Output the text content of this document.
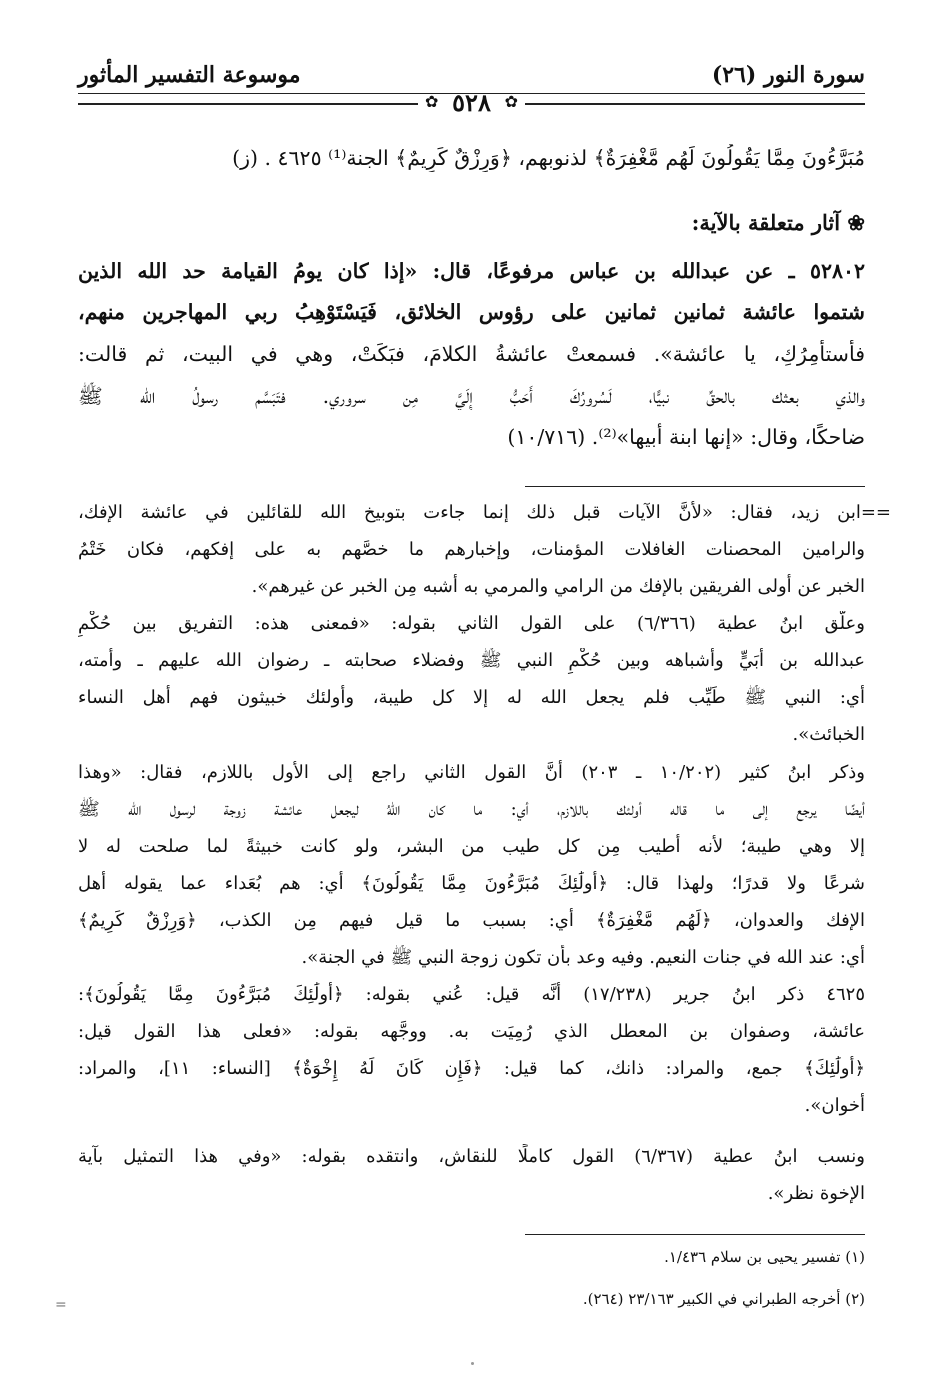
سورة النور (٢٦)
موسوعة التفسير المأثور
✿
✿ ٥٢٨
مُبَرَّءُونَ مِمَّا يَقُولُونَ لَهُم مَّغْفِرَةٌ﴾ لذنوبهم، ﴿وَرِزْقٌ كَرِيمٌ﴾ الجنة⁽¹⁾ ٤٦٢٥ . (ز)
❀ آثار متعلقة بالآية:
٥٢٨٠٢ ـ عن عبدالله بن عباس مرفوعًا، قال: «إذا كان يومُ القيامة حد الله الذين
شتموا عائشة ثمانين ثمانين على رؤوس الخلائق، فَيَسْتَوْهِبُ ربي المهاجرين منهم،
فأستأمِرُكِ، يا عائشة». فسمعتْ عائشةُ الكلامَ، فبَكَتْ، وهي في البيت، ثم قالت:
والذي بعثك بالحقِّ نبيًّا، لَسُرورُكَ أَحَبُّ إِلَيَّ مِن سروري. فتَبَسَّم رسولُ الله ﷺ
ضاحكًا، وقال: «إنها ابنة أبيها»⁽²⁾. (١٠/٧١٦)
==ابن زيد، فقال: «لأنَّ الآيات قبل ذلك إنما جاءت بتوبيخ الله للقائلين في عائشة الإفك،
والرامين المحصنات الغافلات المؤمنات، وإخبارهم ما خصَّهم به على إفكهم، فكان خَتْمُ
الخبر عن أولى الفريقين بالإفك من الرامي والمرمي به أشبه مِن الخبر عن غيرهم».
وعلَّق ابنُ عطية (٦/٣٦٦) على القول الثاني بقوله: «فمعنى هذه: التفريق بين حُكْمِ
عبدالله بن أُبَيٍّ وأشباهه وبين حُكْمِ النبي ﷺ وفضلاء صحابته ـ رضوان الله عليهم ـ وأمته،
أي: النبي ﷺ طَيِّب فلم يجعل الله له إلا كل طيبة، وأولئك خبيثون فهم أهل النساء
الخبائث».
وذكر ابنُ كثير (١٠/٢٠٢ ـ ٢٠٣) أنَّ القول الثاني راجع إلى الأول باللازم، فقال: «وهذا
أيضًا يرجع إلى ما قاله أولئك باللازم، أي: ما كان اللهُ ليجعل عائشة زوجة لرسول الله ﷺ
إلا وهي طيبة؛ لأنه أطيب مِن كل طيب من البشر، ولو كانت خبيثةً لما صلحت له لا
شرعًا ولا قدرًا؛ ولهذا قال: ﴿أُولَٰئِكَ مُبَرَّءُونَ مِمَّا يَقُولُونَ﴾ أي: هم بُعَداء عما يقوله أهل
الإفك والعدوان، ﴿لَهُم مَّغْفِرَةٌ﴾ أي: بسبب ما قيل فيهم مِن الكذب، ﴿وَرِزْقٌ كَرِيمٌ﴾
أي: عند الله في جنات النعيم. وفيه وعد بأن تكون زوجة النبي ﷺ في الجنة».
٤٦٢٥ ذكر ابنُ جرير (١٧/٢٣٨) أنَّه قيل: عُني بقوله: ﴿أُولَٰئِكَ مُبَرَّءُونَ مِمَّا يَقُولُونَ﴾:
عائشة، وصفوان بن المعطل الذي رُمِيَت به. ووجَّهه بقوله: «فعلى هذا القول قيل:
﴿أُولَٰئِكَ﴾ جمع، والمراد: ذانك، كما قيل: ﴿فَإِن كَانَ لَهُ إِخْوَةٌ﴾ [النساء: ١١]، والمراد:
أخوان».
ونسب ابنُ عطية (٦/٣٦٧) القول كاملًا للنقاش، وانتقده بقوله: «وفي هذا التمثيل بآية
الإخوة نظر».
(١) تفسير يحيى بن سلام ١/٤٣٦.
(٢) أخرجه الطبراني في الكبير ٢٣/١٦٣ (٢٦٤).
=
